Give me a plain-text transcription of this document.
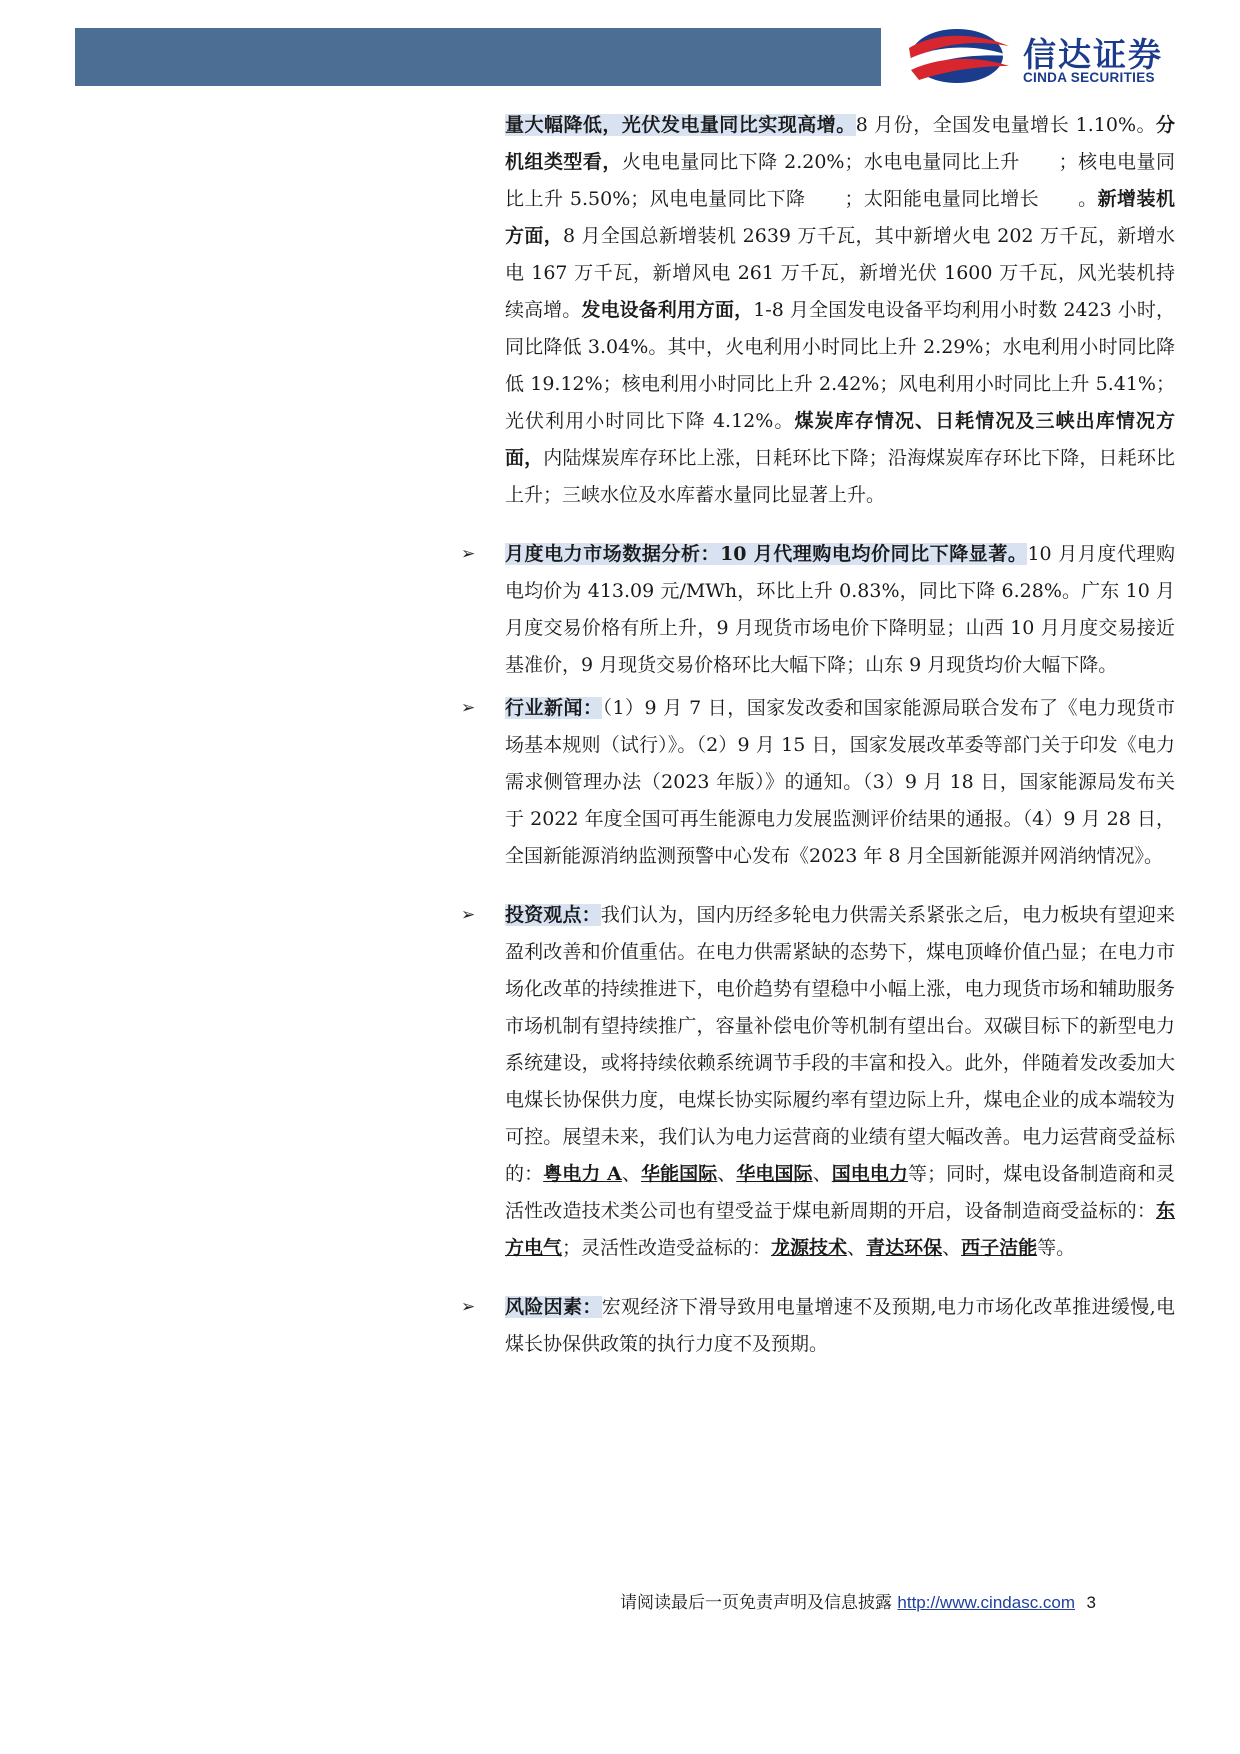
信达证券
CINDA SECURITIES

量大幅降低，光伏发电量同比实现高增。8 月份，全国发电量增长 1.10%。分机组类型看，火电电量同比下降 2.20%；水电电量同比上升　　；核电电量同比上升 5.50%；风电电量同比下降　　；太阳能电量同比增长　　。新增装机方面，8 月全国总新增装机 2639 万千瓦，其中新增火电 202 万千瓦，新增水电 167 万千瓦，新增风电 261 万千瓦，新增光伏 1600 万千瓦，风光装机持续高增。发电设备利用方面，1-8 月全国发电设备平均利用小时数 2423 小时，同比降低 3.04%。其中，火电利用小时同比上升 2.29%；水电利用小时同比降低 19.12%；核电利用小时同比上升 2.42%；风电利用小时同比上升 5.41%；光伏利用小时同比下降 4.12%。煤炭库存情况、日耗情况及三峡出库情况方面，内陆煤炭库存环比上涨，日耗环比下降；沿海煤炭库存环比下降，日耗环比上升；三峡水位及水库蓄水量同比显著上升。

➢ 月度电力市场数据分析：10 月代理购电均价同比下降显著。10 月月度代理购电均价为 413.09 元/MWh，环比上升 0.83%，同比下降 6.28%。广东 10 月月度交易价格有所上升，9 月现货市场电价下降明显；山西 10 月月度交易接近基准价，9 月现货交易价格环比大幅下降；山东 9 月现货均价大幅下降。

➢ 行业新闻：（1）9 月 7 日，国家发改委和国家能源局联合发布了《电力现货市场基本规则（试行）》。（2）9 月 15 日，国家发展改革委等部门关于印发《电力需求侧管理办法（2023 年版）》的通知。（3）9 月 18 日，国家能源局发布关于 2022 年度全国可再生能源电力发展监测评价结果的通报。（4）9 月 28 日，全国新能源消纳监测预警中心发布《2023 年 8 月全国新能源并网消纳情况》。

➢ 投资观点：我们认为，国内历经多轮电力供需关系紧张之后，电力板块有望迎来盈利改善和价值重估。在电力供需紧缺的态势下，煤电顶峰价值凸显；在电力市场化改革的持续推进下，电价趋势有望稳中小幅上涨，电力现货市场和辅助服务市场机制有望持续推广，容量补偿电价等机制有望出台。双碳目标下的新型电力系统建设，或将持续依赖系统调节手段的丰富和投入。此外，伴随着发改委加大电煤长协保供力度，电煤长协实际履约率有望边际上升，煤电企业的成本端较为可控。展望未来，我们认为电力运营商的业绩有望大幅改善。电力运营商受益标的：粤电力 A、华能国际、华电国际、国电电力等；同时，煤电设备制造商和灵活性改造技术类公司也有望受益于煤电新周期的开启，设备制造商受益标的：东方电气；灵活性改造受益标的：龙源技术、青达环保、西子洁能等。

➢ 风险因素：宏观经济下滑导致用电量增速不及预期,电力市场化改革推进缓慢,电煤长协保供政策的执行力度不及预期。

请阅读最后一页免责声明及信息披露 http://www.cindasc.com 3
